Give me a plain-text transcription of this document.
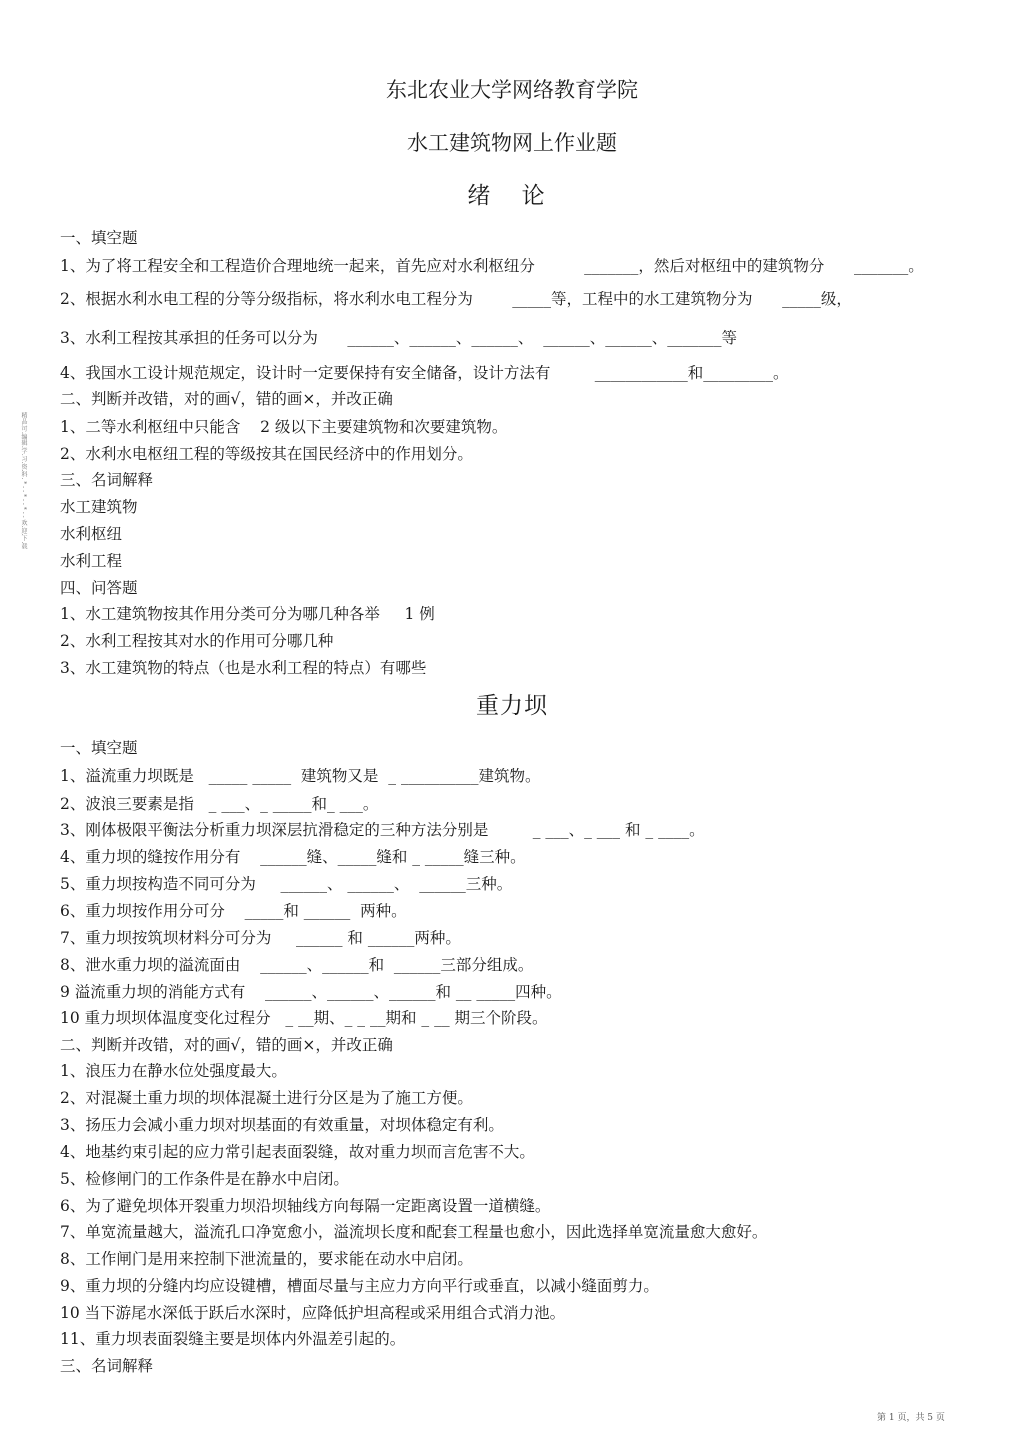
东北农业大学网络教育学院
水工建筑物网上作业题
绪 论
精品.可.编辑.学.习.资.料. * - - * - - * - - 欢.迎.下.载
一、填空题
1、为了将工程安全和工程造价合理地统一起来，首先应对水利枢纽分          _______，然后对枢纽中的建筑物分      _______。
2、根据水利水电工程的分等分级指标，将水利水电工程分为        _____等，工程中的水工建筑物分为      _____级，
3、水利工程按其承担的任务可以分为      ______、______、______、  ______、______、_______等
4、我国水工设计规范规定，设计时一定要保持有安全储备，设计方法有         ____________和_________。
二、判断并改错，对的画√，错的画×，并改正确
1、二等水利枢纽中只能含    2 级以下主要建筑物和次要建筑物。
2、水利水电枢纽工程的等级按其在国民经济中的作用划分。
三、名词解释
水工建筑物
水利枢纽
水利工程
四、问答题
1、水工建筑物按其作用分类可分为哪几种各举     1 例
2、水利工程按其对水的作用可分哪几种
3、水工建筑物的特点（也是水利工程的特点）有哪些
重力坝
一、填空题
1、溢流重力坝既是   _____ _____  建筑物又是  _ __________建筑物。
2、波浪三要素是指   _ ___、_ _____和_ ___。
3、刚体极限平衡法分析重力坝深层抗滑稳定的三种方法分别是         _ ___、_ ___ 和 _ ____。
4、重力坝的缝按作用分有    ______缝、_____缝和 _ _____缝三种。
5、重力坝按构造不同可分为     ______、 ______、  ______三种。
6、重力坝按作用分可分    _____和 ______  两种。
7、重力坝按筑坝材料分可分为     ______ 和 ______两种。
8、泄水重力坝的溢流面由    ______、______和  ______三部分组成。
9 溢流重力坝的消能方式有    ______、______、______和 __ _____四种。
10 重力坝坝体温度变化过程分   _ __期、_ _ __期和 _ __ 期三个阶段。
二、判断并改错，对的画√，错的画×，并改正确
1、浪压力在静水位处强度最大。
2、对混凝土重力坝的坝体混凝土进行分区是为了施工方便。
3、扬压力会减小重力坝对坝基面的有效重量，对坝体稳定有利。
4、地基约束引起的应力常引起表面裂缝，故对重力坝而言危害不大。
5、检修闸门的工作条件是在静水中启闭。
6、为了避免坝体开裂重力坝沿坝轴线方向每隔一定距离设置一道横缝。
7、单宽流量越大，溢流孔口净宽愈小，溢流坝长度和配套工程量也愈小，因此选择单宽流量愈大愈好。
8、工作闸门是用来控制下泄流量的，要求能在动水中启闭。
9、重力坝的分缝内均应设键槽，槽面尽量与主应力方向平行或垂直，以减小缝面剪力。
10 当下游尾水深低于跃后水深时，应降低护坦高程或采用组合式消力池。
11、重力坝表面裂缝主要是坝体内外温差引起的。
三、名词解释
第 1 页，共 5 页
